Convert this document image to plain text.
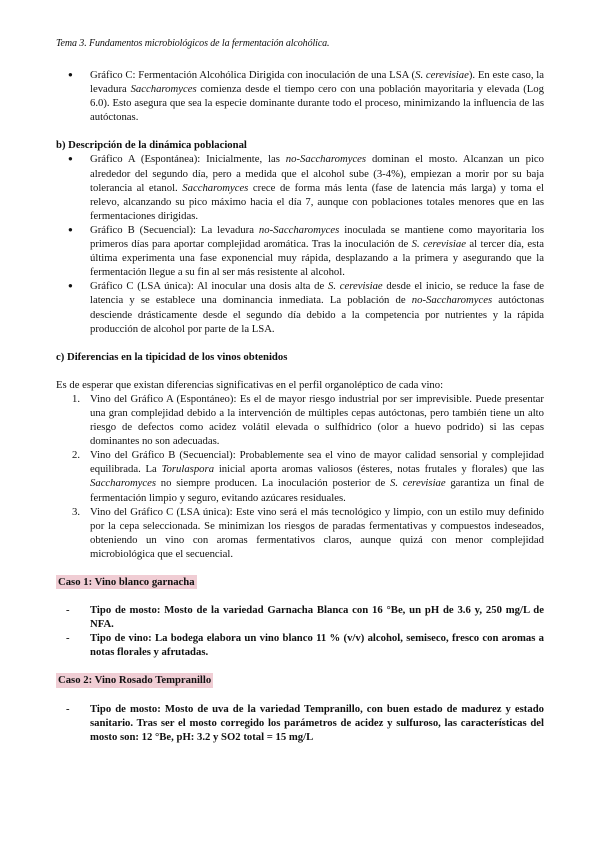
Tema 3. Fundamentos microbiológicos de la fermentación alcohólica.
● Gráfico C: Fermentación Alcohólica Dirigida con inoculación de una LSA (S. cerevisiae). En este caso, la levadura Saccharomyces comienza desde el tiempo cero con una población mayoritaria y elevada (Log 6.0). Esto asegura que sea la especie dominante durante todo el proceso, minimizando la influencia de las autóctonas.
b) Descripción de la dinámica poblacional
● Gráfico A (Espontánea): Inicialmente, las no-Saccharomyces dominan el mosto. Alcanzan un pico alrededor del segundo día, pero a medida que el alcohol sube (3-4%), empiezan a morir por su baja tolerancia al etanol. Saccharomyces crece de forma más lenta (fase de latencia más larga) y toma el relevo, alcanzando su pico máximo hacia el día 7, aunque con poblaciones totales menores que en las fermentaciones dirigidas.
● Gráfico B (Secuencial): La levadura no-Saccharomyces inoculada se mantiene como mayoritaria los primeros días para aportar complejidad aromática. Tras la inoculación de S. cerevisiae al tercer día, esta última experimenta una fase exponencial muy rápida, desplazando a la primera y asegurando que la fermentación llegue a su fin al ser más resistente al alcohol.
● Gráfico C (LSA única): Al inocular una dosis alta de S. cerevisiae desde el inicio, se reduce la fase de latencia y se establece una dominancia inmediata. La población de no-Saccharomyces autóctonas desciende drásticamente desde el segundo día debido a la competencia por nutrientes y la rápida producción de alcohol por parte de la LSA.
c) Diferencias en la tipicidad de los vinos obtenidos
Es de esperar que existan diferencias significativas en el perfil organoléptico de cada vino:
1. Vino del Gráfico A (Espontáneo): Es el de mayor riesgo industrial por ser imprevisible. Puede presentar una gran complejidad debido a la intervención de múltiples cepas autóctonas, pero también tiene un alto riesgo de defectos como acidez volátil elevada o sulfhídrico (olor a huevo podrido) si las cepas dominantes no son adecuadas.
2. Vino del Gráfico B (Secuencial): Probablemente sea el vino de mayor calidad sensorial y complejidad equilibrada. La Torulaspora inicial aporta aromas valiosos (ésteres, notas frutales y florales) que las Saccharomyces no siempre producen. La inoculación posterior de S. cerevisiae garantiza un final de fermentación limpio y seguro, evitando azúcares residuales.
3. Vino del Gráfico C (LSA única): Este vino será el más tecnológico y limpio, con un estilo muy definido por la cepa seleccionada. Se minimizan los riesgos de paradas fermentativas y compuestos indeseados, obteniendo un vino con aromas fermentativos claros, aunque quizá con menor complejidad microbiológica que el secuencial.
Caso 1: Vino blanco garnacha
- Tipo de mosto: Mosto de la variedad Garnacha Blanca con 16 °Be, un pH de 3.6 y, 250 mg/L de NFA.
- Tipo de vino: La bodega elabora un vino blanco 11 % (v/v) alcohol, semiseco, fresco con aromas a notas florales y afrutadas.
Caso 2: Vino Rosado Tempranillo
- Tipo de mosto: Mosto de uva de la variedad Tempranillo, con buen estado de madurez y estado sanitario. Tras ser el mosto corregido los parámetros de acidez y sulfuroso, las características del mosto son: 12 °Be, pH: 3.2 y SO2 total = 15 mg/L
